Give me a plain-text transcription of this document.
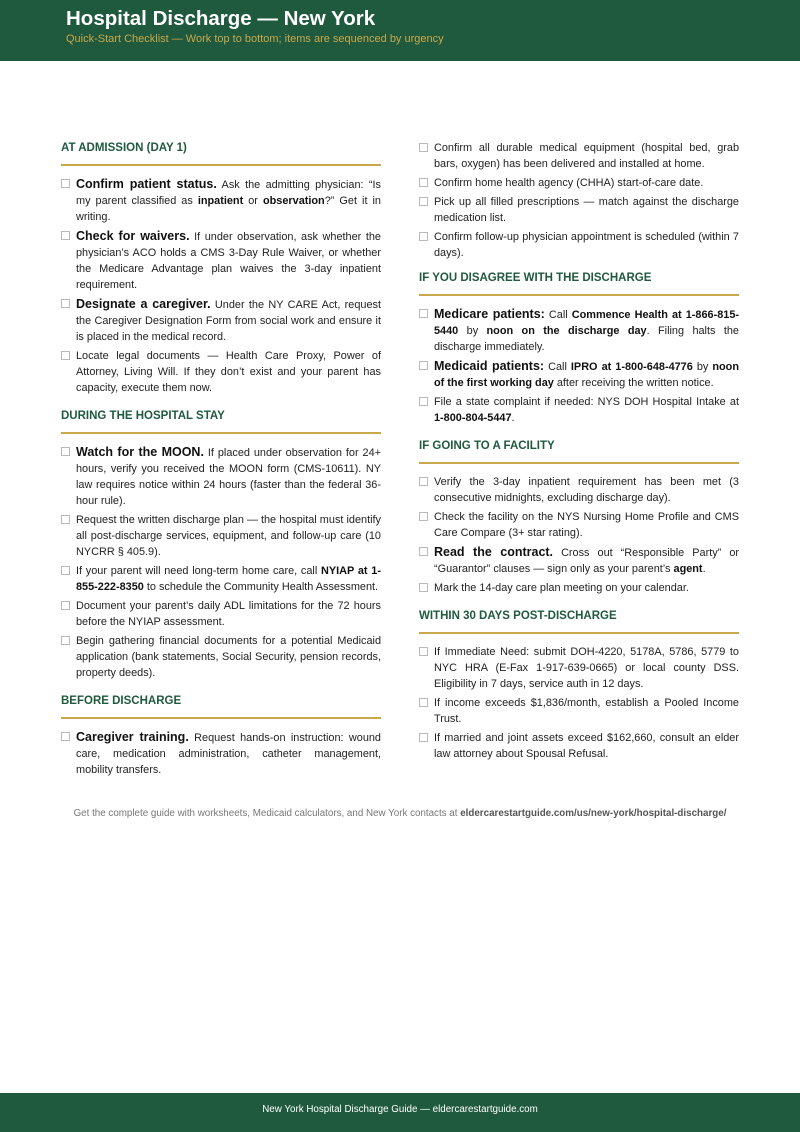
Hospital Discharge — New York
Quick-Start Checklist — Work top to bottom; items are sequenced by urgency
AT ADMISSION (DAY 1)
Confirm patient status. Ask the admitting physician: “Is my parent classified as inpatient or observation?” Get it in writing.
Check for waivers. If under observation, ask whether the physician’s ACO holds a CMS 3-Day Rule Waiver, or whether the Medicare Advantage plan waives the 3-day inpatient requirement.
Designate a caregiver. Under the NY CARE Act, request the Caregiver Designation Form from social work and ensure it is placed in the medical record.
Locate legal documents — Health Care Proxy, Power of Attorney, Living Will. If they don’t exist and your parent has capacity, execute them now.
DURING THE HOSPITAL STAY
Watch for the MOON. If placed under observation for 24+ hours, verify you received the MOON form (CMS-10611). NY law requires notice within 24 hours (faster than the federal 36-hour rule).
Request the written discharge plan — the hospital must identify all post-discharge services, equipment, and follow-up care (10 NYCRR § 405.9).
If your parent will need long-term home care, call NYIAP at 1-855-222-8350 to schedule the Community Health Assessment.
Document your parent’s daily ADL limitations for the 72 hours before the NYIAP assessment.
Begin gathering financial documents for a potential Medicaid application (bank statements, Social Security, pension records, property deeds).
BEFORE DISCHARGE
Caregiver training. Request hands-on instruction: wound care, medication administration, catheter management, mobility transfers.
Confirm all durable medical equipment (hospital bed, grab bars, oxygen) has been delivered and installed at home.
Confirm home health agency (CHHA) start-of-care date.
Pick up all filled prescriptions — match against the discharge medication list.
Confirm follow-up physician appointment is scheduled (within 7 days).
IF YOU DISAGREE WITH THE DISCHARGE
Medicare patients: Call Commence Health at 1-866-815-5440 by noon on the discharge day. Filing halts the discharge immediately.
Medicaid patients: Call IPRO at 1-800-648-4776 by noon of the first working day after receiving the written notice.
File a state complaint if needed: NYS DOH Hospital Intake at 1-800-804-5447.
IF GOING TO A FACILITY
Verify the 3-day inpatient requirement has been met (3 consecutive midnights, excluding discharge day).
Check the facility on the NYS Nursing Home Profile and CMS Care Compare (3+ star rating).
Read the contract. Cross out “Responsible Party” or “Guarantor” clauses — sign only as your parent’s agent.
Mark the 14-day care plan meeting on your calendar.
WITHIN 30 DAYS POST-DISCHARGE
If Immediate Need: submit DOH-4220, 5178A, 5786, 5779 to NYC HRA (E-Fax 1-917-639-0665) or local county DSS. Eligibility in 7 days, service auth in 12 days.
If income exceeds $1,836/month, establish a Pooled Income Trust.
If married and joint assets exceed $162,660, consult an elder law attorney about Spousal Refusal.
Get the complete guide with worksheets, Medicaid calculators, and New York contacts at eldercarestartguide.com/us/new-york/hospital-discharge/
New York Hospital Discharge Guide — eldercarestartguide.com
